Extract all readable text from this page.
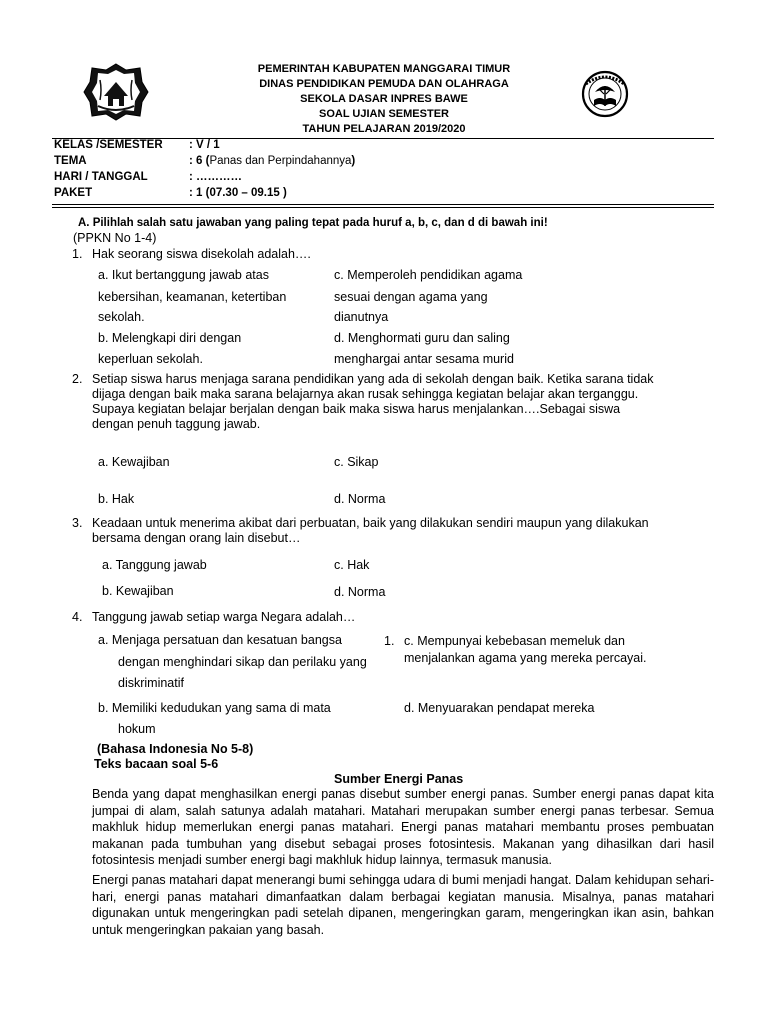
PEMERINTAH KABUPATEN MANGGARAI TIMUR
DINAS PENDIDIKAN PEMUDA DAN OLAHRAGA
SEKOLA DASAR INPRES BAWE
SOAL UJIAN SEMESTER
TAHUN PELAJARAN 2019/2020
KELAS /SEMESTER : V / 1
TEMA	: 6 (Panas dan Perpindahannya)
HARI / TANGGAL	: …………
PAKET	: 1 (07.30 – 09.15 )
A. Pilihlah salah satu jawaban yang paling tepat pada huruf a, b, c, dan d di bawah ini!
(PPKN No 1-4)
1. Hak seorang siswa disekolah adalah….
a. Ikut bertanggung jawab atas
kebersihan, keamanan, ketertiban
sekolah.
b. Melengkapi diri dengan
keperluan sekolah.
c. Memperoleh pendidikan agama
sesuai dengan agama yang
dianutnya
d. Menghormati guru dan saling
menghargai antar sesama murid
2. Setiap siswa harus menjaga sarana pendidikan yang ada di sekolah dengan baik. Ketika sarana tidak
dijaga dengan baik maka sarana belajarnya akan rusak sehingga kegiatan belajar akan terganggu.
Supaya kegiatan belajar berjalan dengan baik maka siswa harus menjalankan….Sebagai siswa
dengan penuh taggung jawab.
a. Kewajiban
b. Hak
c. Sikap
d. Norma
3. Keadaan untuk menerima akibat dari perbuatan, baik yang dilakukan sendiri maupun yang dilakukan
bersama dengan orang lain disebut…
a. Tanggung jawab
b. Kewajiban
c. Hak
d. Norma
4. Tanggung jawab setiap warga Negara adalah…
a. Menjaga persatuan dan kesatuan bangsa
dengan menghindari sikap dan perilaku yang
diskriminatif
b. Memiliki kedudukan yang sama di mata
hokum
1. c. Mempunyai kebebasan memeluk dan
menjalankan agama yang mereka percayai.
d. Menyuarakan pendapat mereka
(Bahasa Indonesia No 5-8)
Teks bacaan soal 5-6
Sumber Energi Panas
Benda yang dapat menghasilkan energi panas disebut sumber energi panas. Sumber energi panas dapat kita jumpai di alam, salah satunya adalah matahari. Matahari merupakan sumber energi panas terbesar. Semua makhluk hidup memerlukan energi panas matahari. Energi panas matahari membantu proses pembuatan makanan pada tumbuhan yang disebut sebagai proses fotosintesis. Makanan yang dihasilkan dari hasil fotosintesis menjadi sumber energi bagi makhluk hidup lainnya, termasuk manusia.
Energi panas matahari dapat menerangi bumi sehingga udara di bumi menjadi hangat. Dalam kehidupan sehari-hari, energi panas matahari dimanfaatkan dalam berbagai kegiatan manusia. Misalnya, panas matahari digunakan untuk mengeringkan padi setelah dipanen, mengeringkan garam, mengeringkan ikan asin, bahkan untuk mengeringkan pakaian yang basah.
